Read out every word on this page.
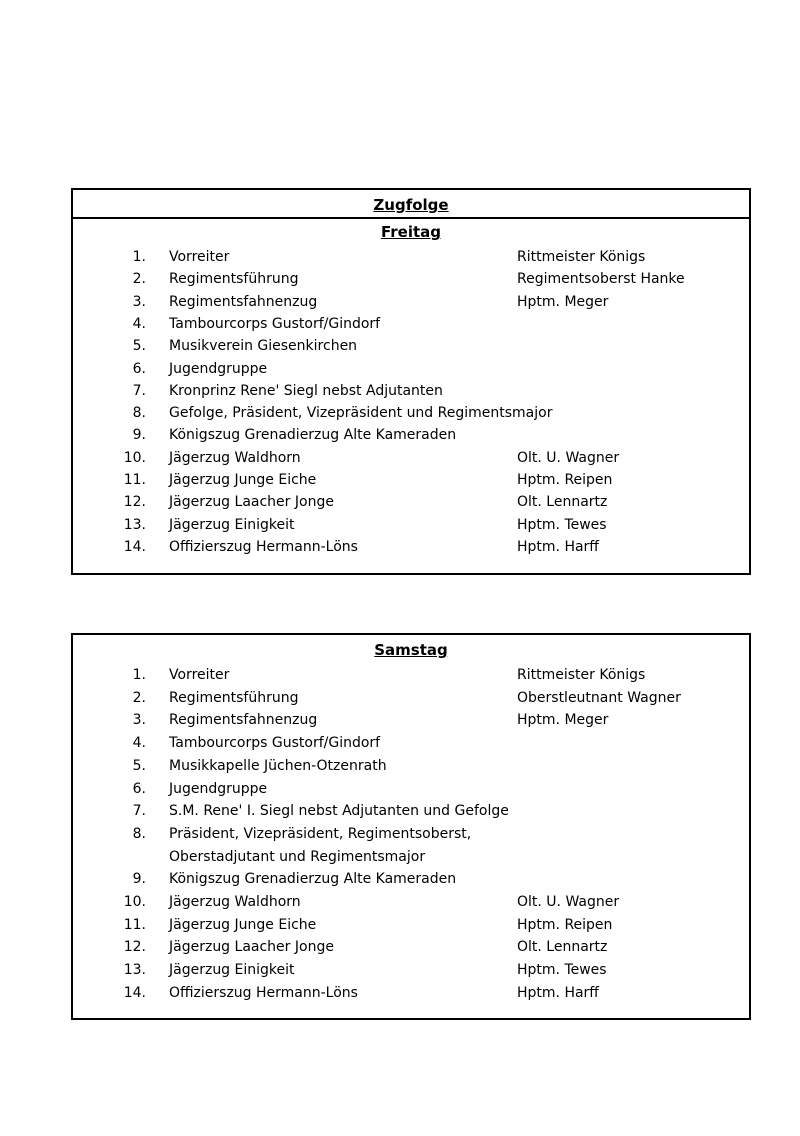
Zugfolge
Freitag
1. Vorreiter	Rittmeister Königs
2. Regimentsführung	Regimentsoberst Hanke
3. Regimentsfahnenzug	Hptm. Meger
4. Tambourcorps Gustorf/Gindorf
5. Musikverein Giesenkirchen
6. Jugendgruppe
7. Kronprinz Rene' Siegl nebst Adjutanten
8. Gefolge, Präsident, Vizepräsident und Regimentsmajor
9. Königszug Grenadierzug Alte Kameraden
10. Jägerzug Waldhorn	Olt. U. Wagner
11. Jägerzug Junge Eiche	Hptm. Reipen
12. Jägerzug Laacher Jonge	Olt. Lennartz
13. Jägerzug Einigkeit	Hptm. Tewes
14. Offizierszug Hermann-Löns	Hptm. Harff
Samstag
1. Vorreiter	Rittmeister Königs
2. Regimentsführung	Oberstleutnant Wagner
3. Regimentsfahnenzug	Hptm. Meger
4. Tambourcorps Gustorf/Gindorf
5. Musikkapelle Jüchen-Otzenrath
6. Jugendgruppe
7. S.M. Rene' I. Siegl nebst Adjutanten und Gefolge
8. Präsident, Vizepräsident, Regimentsoberst,
Oberstadjutant und Regimentsmajor
9. Königszug Grenadierzug Alte Kameraden
10. Jägerzug Waldhorn	Olt. U. Wagner
11. Jägerzug Junge Eiche	Hptm. Reipen
12. Jägerzug Laacher Jonge	Olt. Lennartz
13. Jägerzug Einigkeit	Hptm. Tewes
14. Offizierszug Hermann-Löns	Hptm. Harff
